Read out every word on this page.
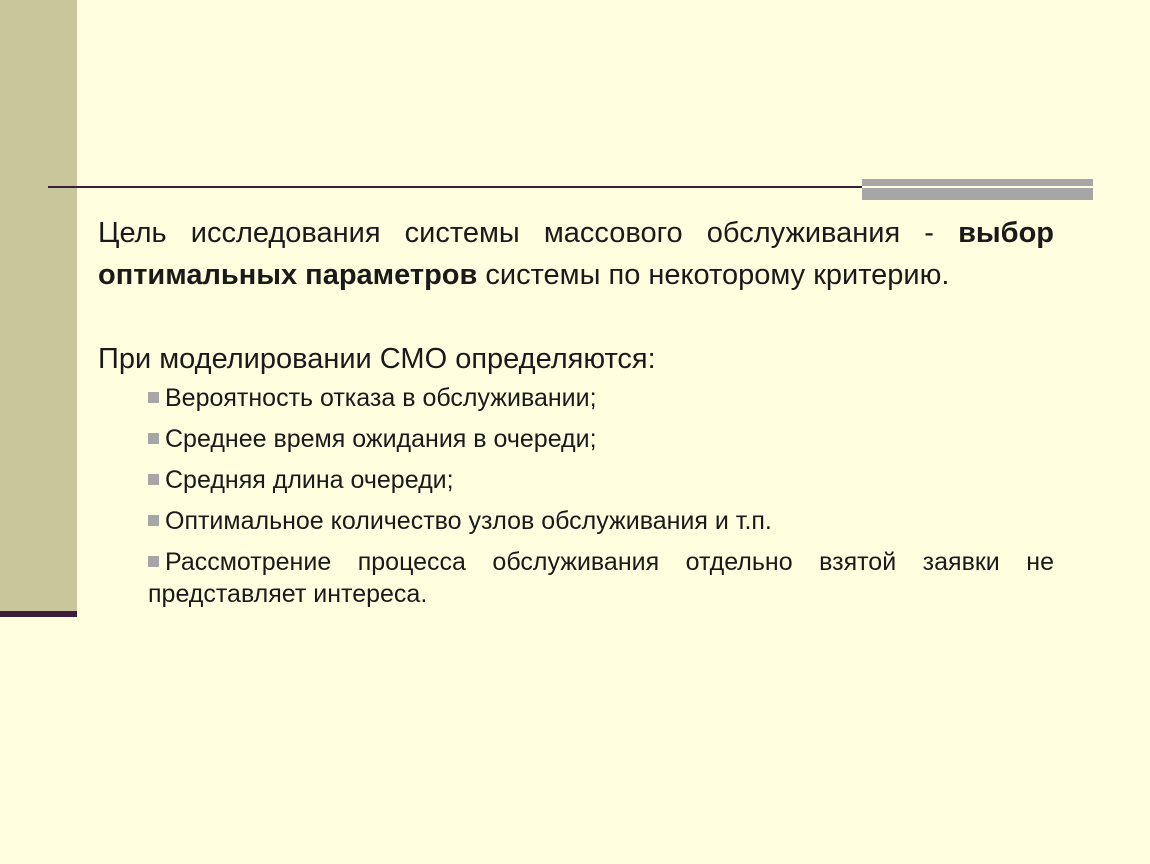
Цель исследования системы массового обслуживания - выбор

оптимальных параметров системы по некоторому критерию.

При моделировании СМО определяются:

Вероятность отказа в обслуживании;
Среднее время ожидания в очереди;
Средняя длина очереди;
Оптимальное количество узлов обслуживания и т.п.
Рассмотрение процесса обслуживания отдельно взятой заявки не представляет интереса.
